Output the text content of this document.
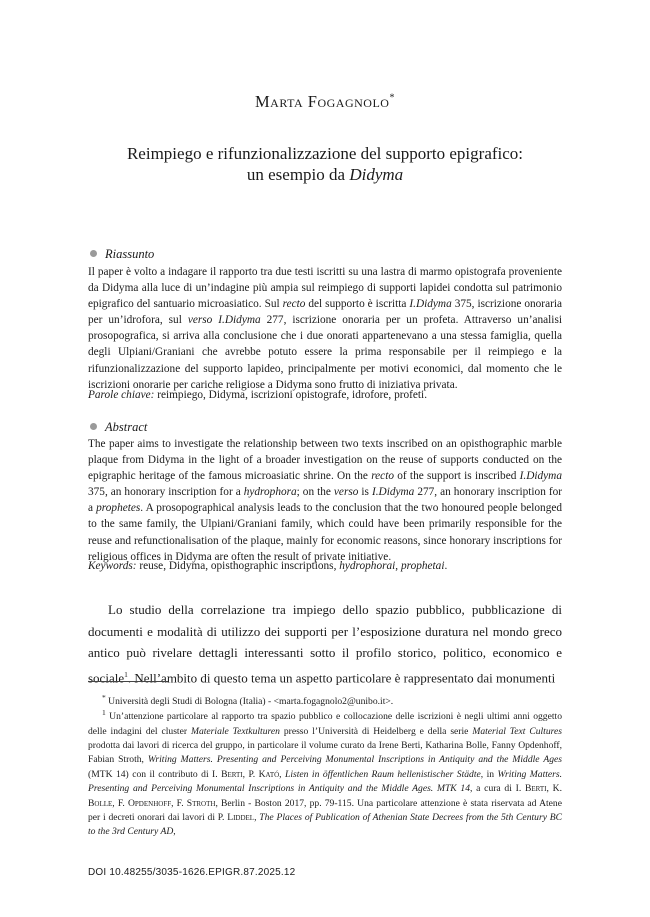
Marta Fogagnolo*
Reimpiego e rifunzionalizzazione del supporto epigrafico:
un esempio da Didyma
Riassunto
Il paper è volto a indagare il rapporto tra due testi iscritti su una lastra di marmo opistografa proveniente da Didyma alla luce di un’indagine più ampia sul reimpiego di supporti lapidei condotta sul patrimonio epigrafico del santuario microasiatico. Sul recto del supporto è iscritta I.Didyma 375, iscrizione onoraria per un’idrofora, sul verso I.Didyma 277, iscrizione onoraria per un profeta. Attraverso un’analisi prosopografica, si arriva alla conclusione che i due onorati appartenevano a una stessa famiglia, quella degli Ulpiani/Graniani che avrebbe potuto essere la prima responsabile per il reimpiego e la rifunzionalizzazione del supporto lapideo, principalmente per motivi economici, dal momento che le iscrizioni onorarie per cariche religiose a Didyma sono frutto di iniziativa privata.
Parole chiave: reimpiego, Didyma, iscrizioni opistografe, idrofore, profeti.
Abstract
The paper aims to investigate the relationship between two texts inscribed on an opisthographic marble plaque from Didyma in the light of a broader investigation on the reuse of supports conducted on the epigraphic heritage of the famous microasiatic shrine. On the recto of the support is inscribed I.Didyma 375, an honorary inscription for a hydrophora; on the verso is I.Didyma 277, an honorary inscription for a prophetes. A prosopographical analysis leads to the conclusion that the two honoured people belonged to the same family, the Ulpiani/Graniani family, which could have been primarily responsible for the reuse and refunctionalisation of the plaque, mainly for economic reasons, since honorary inscriptions for religious offices in Didyma are often the result of private initiative.
Keywords: reuse, Didyma, opisthographic inscriptions, hydrophorai, prophetai.
Lo studio della correlazione tra impiego dello spazio pubblico, pubblicazione di documenti e modalità di utilizzo dei supporti per l’esposizione duratura nel mondo greco antico può rivelare dettagli interessanti sotto il profilo storico, politico, economico e sociale$^1$. Nell’ambito di questo tema un aspetto particolare è rappresentato dai monumenti
* Università degli Studi di Bologna (Italia) - <marta.fogagnolo2@unibo.it>.
$^1$ Un’attenzione particolare al rapporto tra spazio pubblico e collocazione delle iscrizioni è negli ultimi anni oggetto delle indagini del cluster Materiale Textkulturen presso l’Università di Heidelberg e della serie Material Text Cultures prodotta dai lavori di ricerca del gruppo, in particolare il volume curato da Irene Berti, Katharina Bolle, Fanny Opdenhoff, Fabian Stroth, Writing Matters. Presenting and Perceiving Monumental Inscriptions in Antiquity and the Middle Ages (MTK 14) con il contributo di I. Berti, P. Kató, Listen in öffentlichen Raum hellenistischer Städte, in Writing Matters. Presenting and Perceiving Monumental Inscriptions in Antiquity and the Middle Ages. MTK 14, a cura di I. Berti, K. Bolle, F. Opdenhoff, F. Stroth, Berlin - Boston 2017, pp. 79-115. Una particolare attenzione è stata riservata ad Atene per i decreti onorari dai lavori di P. Liddel, The Places of Publication of Athenian State Decrees from the 5th Century BC to the 3rd Century AD,
DOI 10.48255/3035-1626.EPIGR.87.2025.12
